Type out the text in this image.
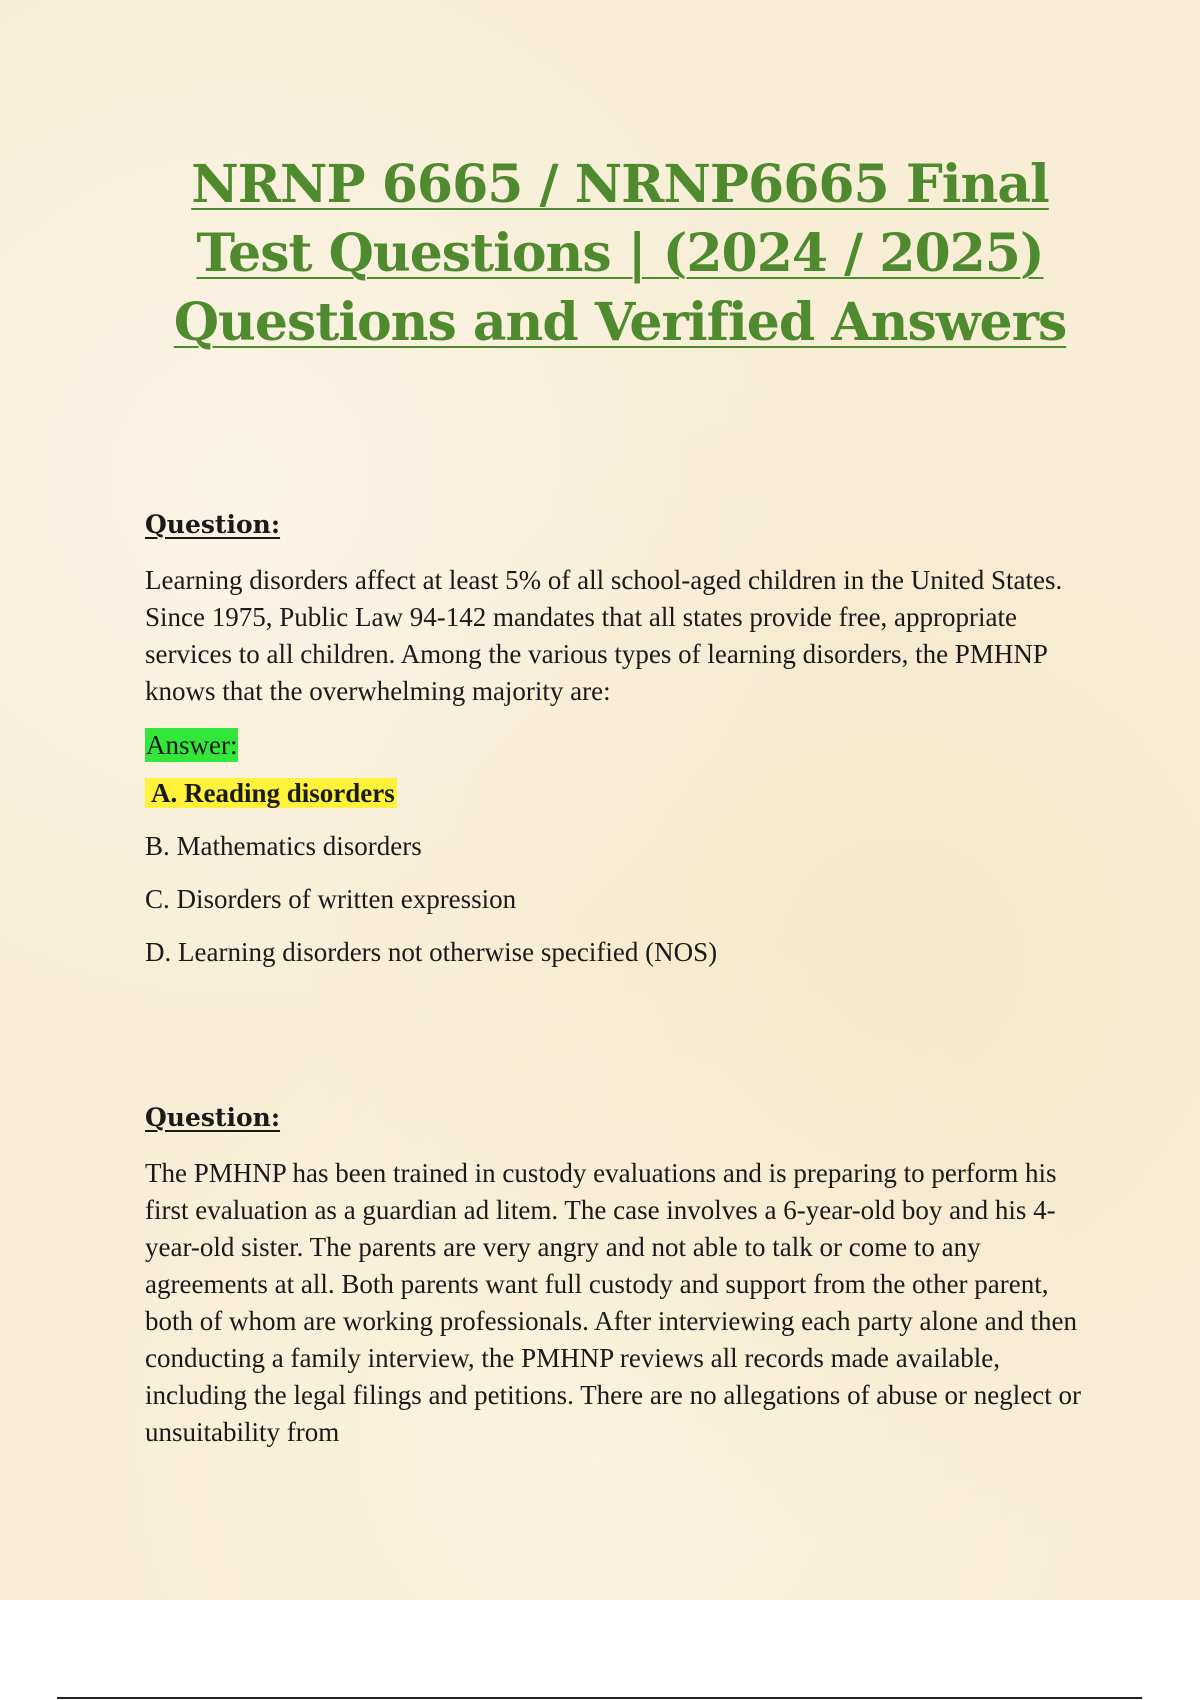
NRNP 6665 / NRNP6665 Final Test Questions | (2024 / 2025) Questions and Verified Answers

Question:

Learning disorders affect at least 5% of all school-aged children in the United States. Since 1975, Public Law 94-142 mandates that all states provide free, appropriate services to all children. Among the various types of learning disorders, the PMHNP knows that the overwhelming majority are:

Answer:
A. Reading disorders
B. Mathematics disorders
C. Disorders of written expression
D. Learning disorders not otherwise specified (NOS)

Question:

The PMHNP has been trained in custody evaluations and is preparing to perform his first evaluation as a guardian ad litem. The case involves a 6-year-old boy and his 4-year-old sister. The parents are very angry and not able to talk or come to any agreements at all. Both parents want full custody and support from the other parent, both of whom are working professionals. After interviewing each party alone and then conducting a family interview, the PMHNP reviews all records made available, including the legal filings and petitions. There are no allegations of abuse or neglect or unsuitability from
